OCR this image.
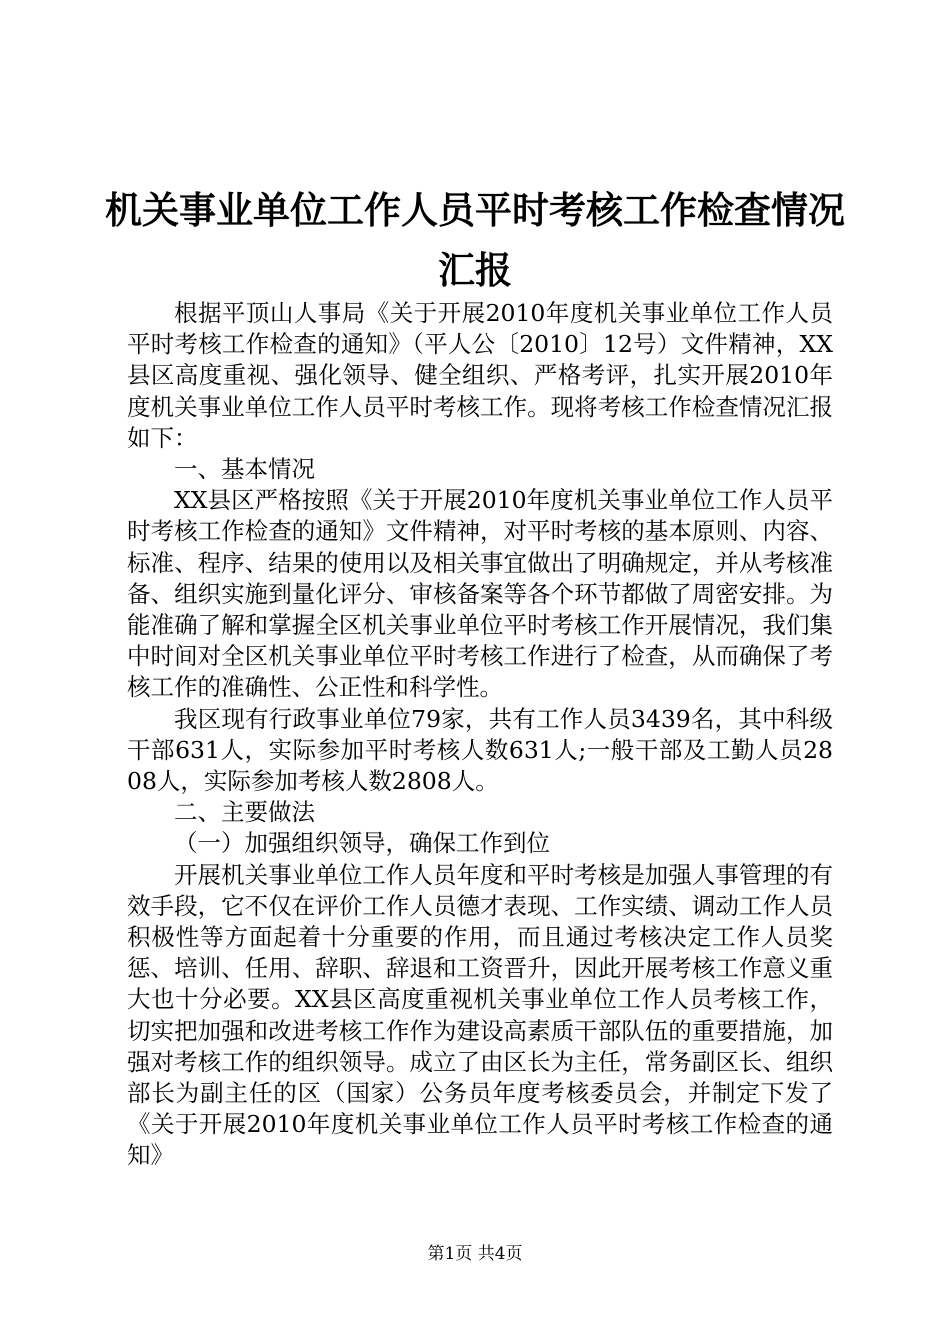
机关事业单位工作人员平时考核工作检查情况
汇报

根据平顶山人事局《关于开展2010年度机关事业单位工作人员平时考核工作检查的通知》（平人公〔2010〕12号）文件精神，XX县区高度重视、强化领导、健全组织、严格考评，扎实开展2010年度机关事业单位工作人员平时考核工作。现将考核工作检查情况汇报如下：

一、基本情况

XX县区严格按照《关于开展2010年度机关事业单位工作人员平时考核工作检查的通知》文件精神，对平时考核的基本原则、内容、标准、程序、结果的使用以及相关事宜做出了明确规定，并从考核准备、组织实施到量化评分、审核备案等各个环节都做了周密安排。为能准确了解和掌握全区机关事业单位平时考核工作开展情况，我们集中时间对全区机关事业单位平时考核工作进行了检查，从而确保了考核工作的准确性、公正性和科学性。

我区现有行政事业单位79家，共有工作人员3439名，其中科级干部631人，实际参加平时考核人数631人;一般干部及工勤人员2808人，实际参加考核人数2808人。

二、主要做法

（一）加强组织领导，确保工作到位

开展机关事业单位工作人员年度和平时考核是加强人事管理的有效手段，它不仅在评价工作人员德才表现、工作实绩、调动工作人员积极性等方面起着十分重要的作用，而且通过考核决定工作人员奖惩、培训、任用、辞职、辞退和工资晋升，因此开展考核工作意义重大也十分必要。XX县区高度重视机关事业单位工作人员考核工作，切实把加强和改进考核工作作为建设高素质干部队伍的重要措施，加强对考核工作的组织领导。成立了由区长为主任，常务副区长、组织部长为副主任的区（国家）公务员年度考核委员会，并制定下发了《关于开展2010年度机关事业单位工作人员平时考核工作检查的通知》

第1页 共4页
